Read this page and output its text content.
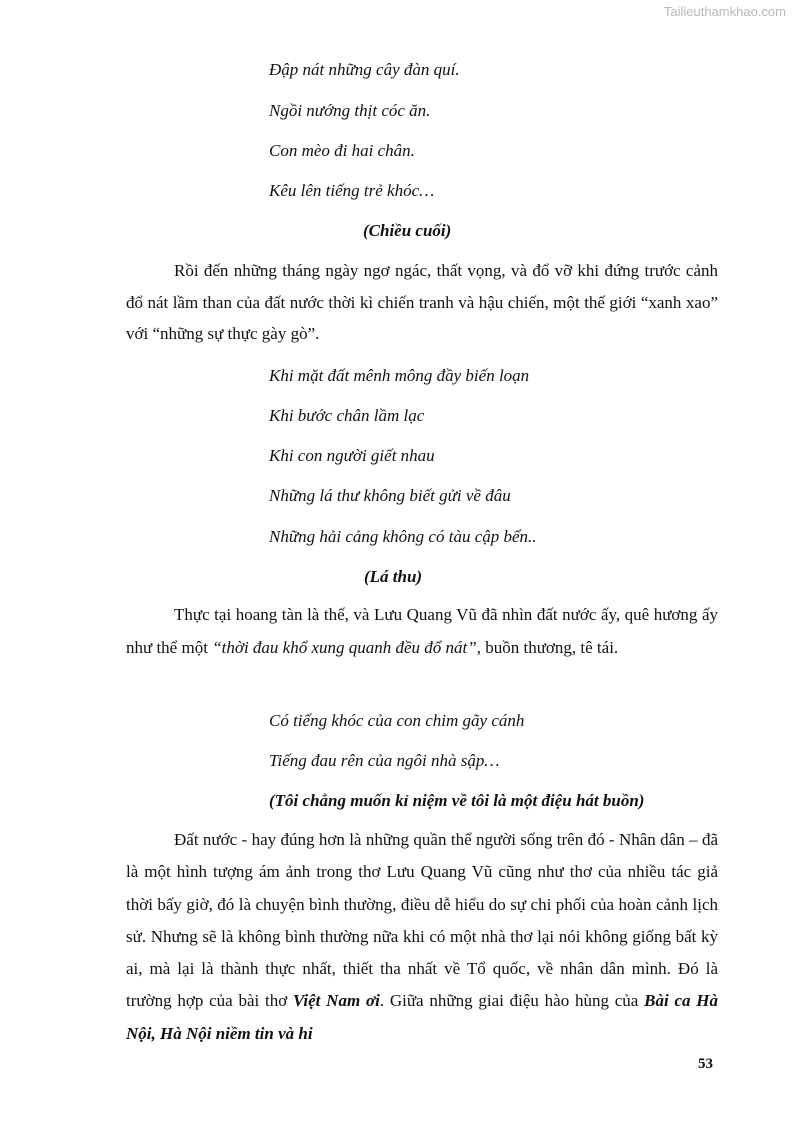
Tailieuthamkhao.com
Đập nát những cây đàn quí.
Ngồi nướng thịt cóc ăn.
Con mèo đi hai chân.
Kêu lên tiếng trẻ khóc…
(Chiều cuối)

Rồi đến những tháng ngày ngơ ngác, thất vọng, và đổ vỡ khi đứng trước cảnh đổ nát lầm than của đất nước thời kì chiến tranh và hậu chiến, một thế giới “xanh xao” với “những sự thực gày gò”.

Khi mặt đất mênh mông đầy biến loạn
Khi bước chân lầm lạc
Khi con người giết nhau
Những lá thư không biết gửi về đâu
Những hải cảng không có tàu cập bến..
(Lá thu)

Thực tại hoang tàn là thế, và Lưu Quang Vũ đã nhìn đất nước ấy, quê hương ấy như thể một “thời đau khổ xung quanh đều đổ nát”, buồn thương, tê tái.

Có tiếng khóc của con chim gãy cánh
Tiếng đau rên của ngôi nhà sập…
(Tôi chẳng muốn kỉ niệm về tôi là một điệu hát buồn)

Đất nước - hay đúng hơn là những quần thể người sống trên đó - Nhân dân – đã là một hình tượng ám ảnh trong thơ Lưu Quang Vũ cũng như thơ của nhiều tác giả thời bấy giờ, đó là chuyện bình thường, điều dễ hiểu do sự chi phối của hoàn cảnh lịch sử. Nhưng sẽ là không bình thường nữa khi có một nhà thơ lại nói không giống bất kỳ ai, mà lại là thành thực nhất, thiết tha nhất về Tổ quốc, về nhân dân mình. Đó là trường hợp của bài thơ Việt Nam ơi. Giữa những giai điệu hào hùng của Bài ca Hà Nội, Hà Nội niềm tin và hi

53
